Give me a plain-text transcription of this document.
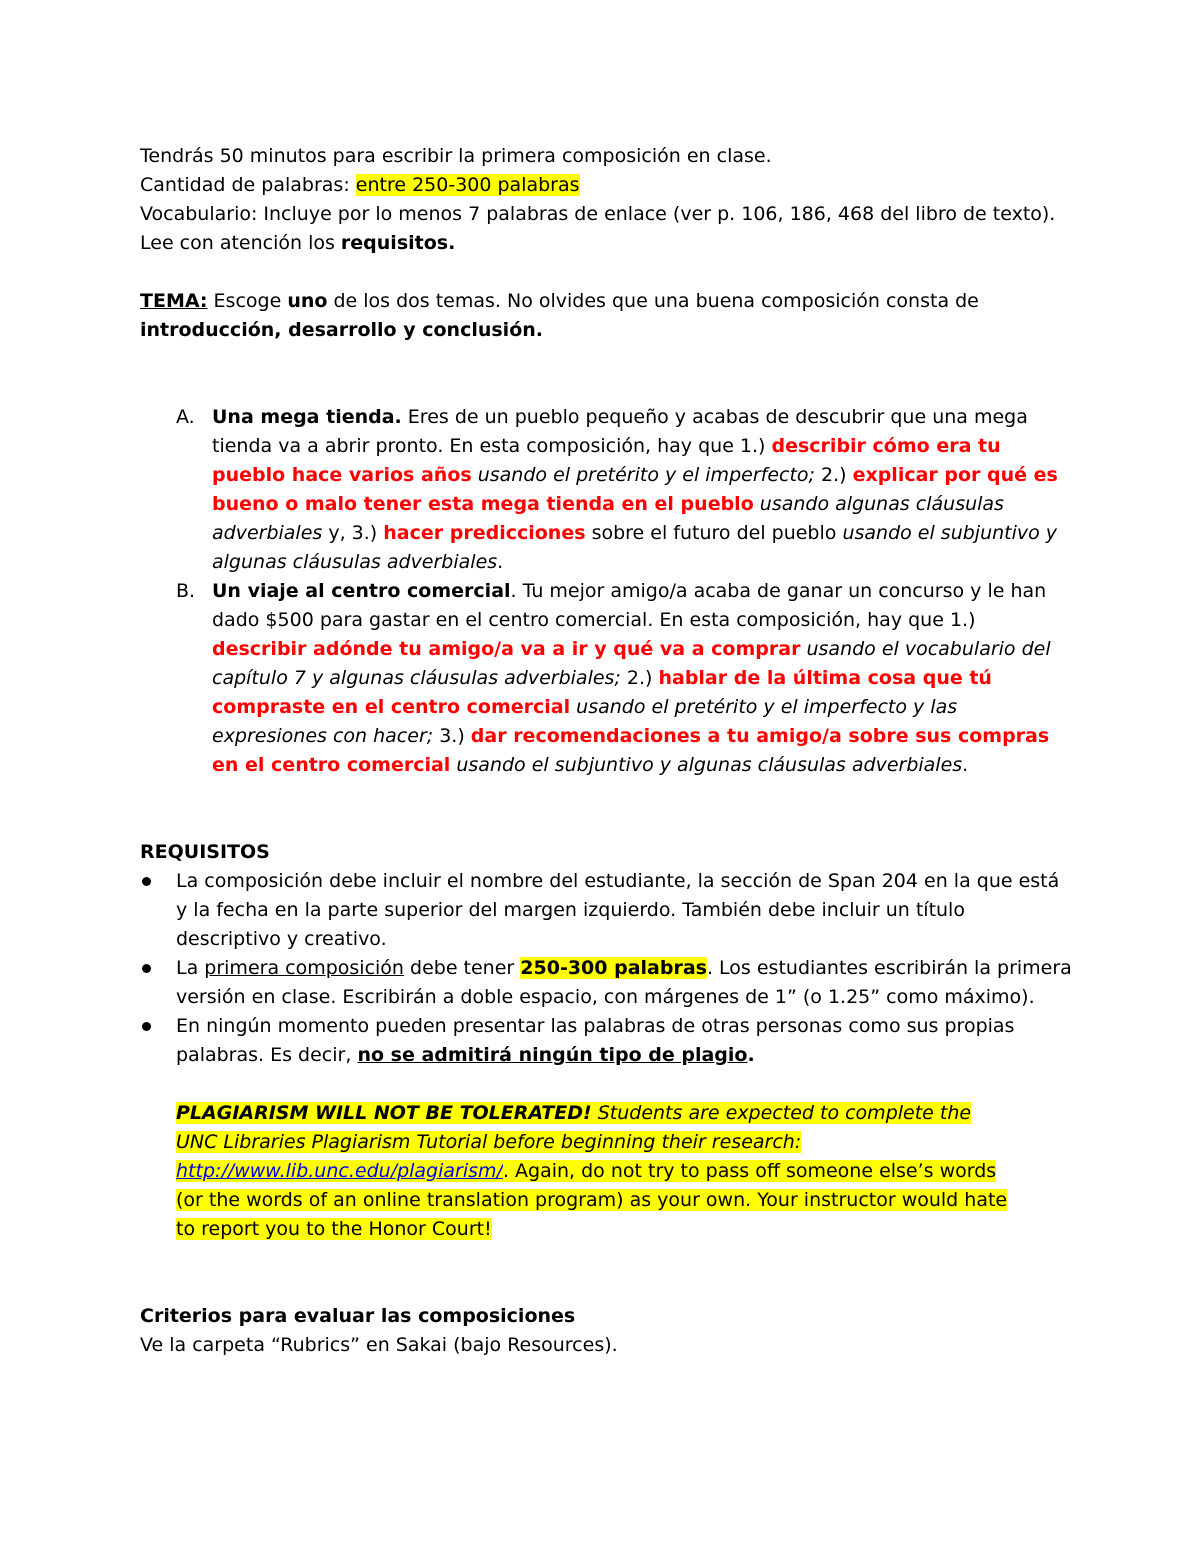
Tendrás 50 minutos para escribir la primera composición en clase.

Cantidad de palabras: entre 250-300 palabras

Vocabulario: Incluye por lo menos 7 palabras de enlace (ver p. 106, 186, 468 del libro de texto).

Lee con atención los requisitos.

TEMA: Escoge uno de los dos temas. No olvides que una buena composición consta de introducción, desarrollo y conclusión.

A. Una mega tienda. Eres de un pueblo pequeño y acabas de descubrir que una mega tienda va a abrir pronto. En esta composición, hay que 1.) describir cómo era tu pueblo hace varios años usando el pretérito y el imperfecto; 2.) explicar por qué es bueno o malo tener esta mega tienda en el pueblo usando algunas cláusulas adverbiales y, 3.) hacer predicciones sobre el futuro del pueblo usando el subjuntivo y algunas cláusulas adverbiales.
B. Un viaje al centro comercial. Tu mejor amigo/a acaba de ganar un concurso y le han dado $500 para gastar en el centro comercial. En esta composición, hay que 1.) describir adónde tu amigo/a va a ir y qué va a comprar usando el vocabulario del capítulo 7 y algunas cláusulas adverbiales; 2.) hablar de la última cosa que tú compraste en el centro comercial usando el pretérito y el imperfecto y las expresiones con hacer; 3.) dar recomendaciones a tu amigo/a sobre sus compras en el centro comercial usando el subjuntivo y algunas cláusulas adverbiales.

REQUISITOS

La composición debe incluir el nombre del estudiante, la sección de Span 204 en la que está y la fecha en la parte superior del margen izquierdo. También debe incluir un título descriptivo y creativo.
La primera composición debe tener 250-300 palabras. Los estudiantes escribirán la primera versión en clase. Escribirán a doble espacio, con márgenes de 1” (o 1.25” como máximo).
En ningún momento pueden presentar las palabras de otras personas como sus propias palabras. Es decir, no se admitirá ningún tipo de plagio.

PLAGIARISM WILL NOT BE TOLERATED! Students are expected to complete the UNC Libraries Plagiarism Tutorial before beginning their research: http://www.lib.unc.edu/plagiarism/. Again, do not try to pass off someone else’s words (or the words of an online translation program) as your own. Your instructor would hate to report you to the Honor Court!

Criterios para evaluar las composiciones

Ve la carpeta “Rubrics” en Sakai (bajo Resources).
